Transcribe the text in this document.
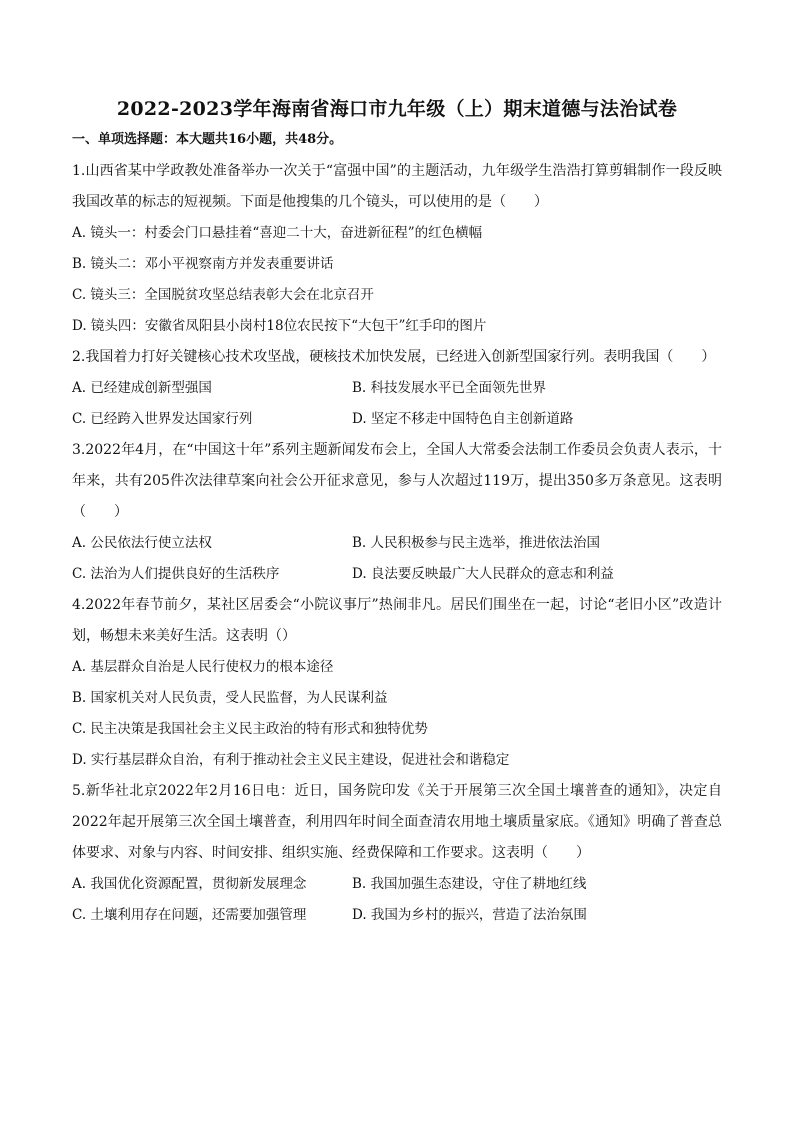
2022-2023学年海南省海口市九年级（上）期末道德与法治试卷

一、单项选择题：本大题共16小题，共48分。

1.山西省某中学政教处准备举办一次关于“富强中国”的主题活动，九年级学生浩浩打算剪辑制作一段反映我国改革的标志的短视频。下面是他搜集的几个镜头，可以使用的是（　　）

A. 镜头一：村委会门口悬挂着“喜迎二十大，奋进新征程”的红色横幅

B. 镜头二：邓小平视察南方并发表重要讲话

C. 镜头三：全国脱贫攻坚总结表彰大会在北京召开

D. 镜头四：安徽省凤阳县小岗村18位农民按下“大包干”红手印的图片

2.我国着力打好关键核心技术攻坚战，硬核技术加快发展，已经进入创新型国家行列。表明我国（　　）

A. 已经建成创新型强国	B. 科技发展水平已全面领先世界
C. 已经跨入世界发达国家行列	D. 坚定不移走中国特色自主创新道路

3.2022年4月，在“中国这十年”系列主题新闻发布会上，全国人大常委会法制工作委员会负责人表示，十年来，共有205件次法律草案向社会公开征求意见，参与人次超过119万，提出350多万条意见。这表明（　　）

A. 公民依法行使立法权	B. 人民积极参与民主选举，推进依法治国
C. 法治为人们提供良好的生活秩序	D. 良法要反映最广大人民群众的意志和利益

4.2022年春节前夕，某社区居委会“小院议事厅”热闹非凡。居民们围坐在一起，讨论“老旧小区”改造计划，畅想未来美好生活。这表明（）

A. 基层群众自治是人民行使权力的根本途径

B. 国家机关对人民负责，受人民监督，为人民谋利益

C. 民主决策是我国社会主义民主政治的特有形式和独特优势

D. 实行基层群众自治，有利于推动社会主义民主建设，促进社会和谐稳定

5.新华社北京2022年2月16日电：近日，国务院印发《关于开展第三次全国土壤普查的通知》，决定自2022年起开展第三次全国土壤普查，利用四年时间全面查清农用地土壤质量家底。《通知》明确了普查总体要求、对象与内容、时间安排、组织实施、经费保障和工作要求。这表明（　　）

A. 我国优化资源配置，贯彻新发展理念	B. 我国加强生态建设，守住了耕地红线
C. 土壤利用存在问题，还需要加强管理	D. 我国为乡村的振兴，营造了法治氛围
